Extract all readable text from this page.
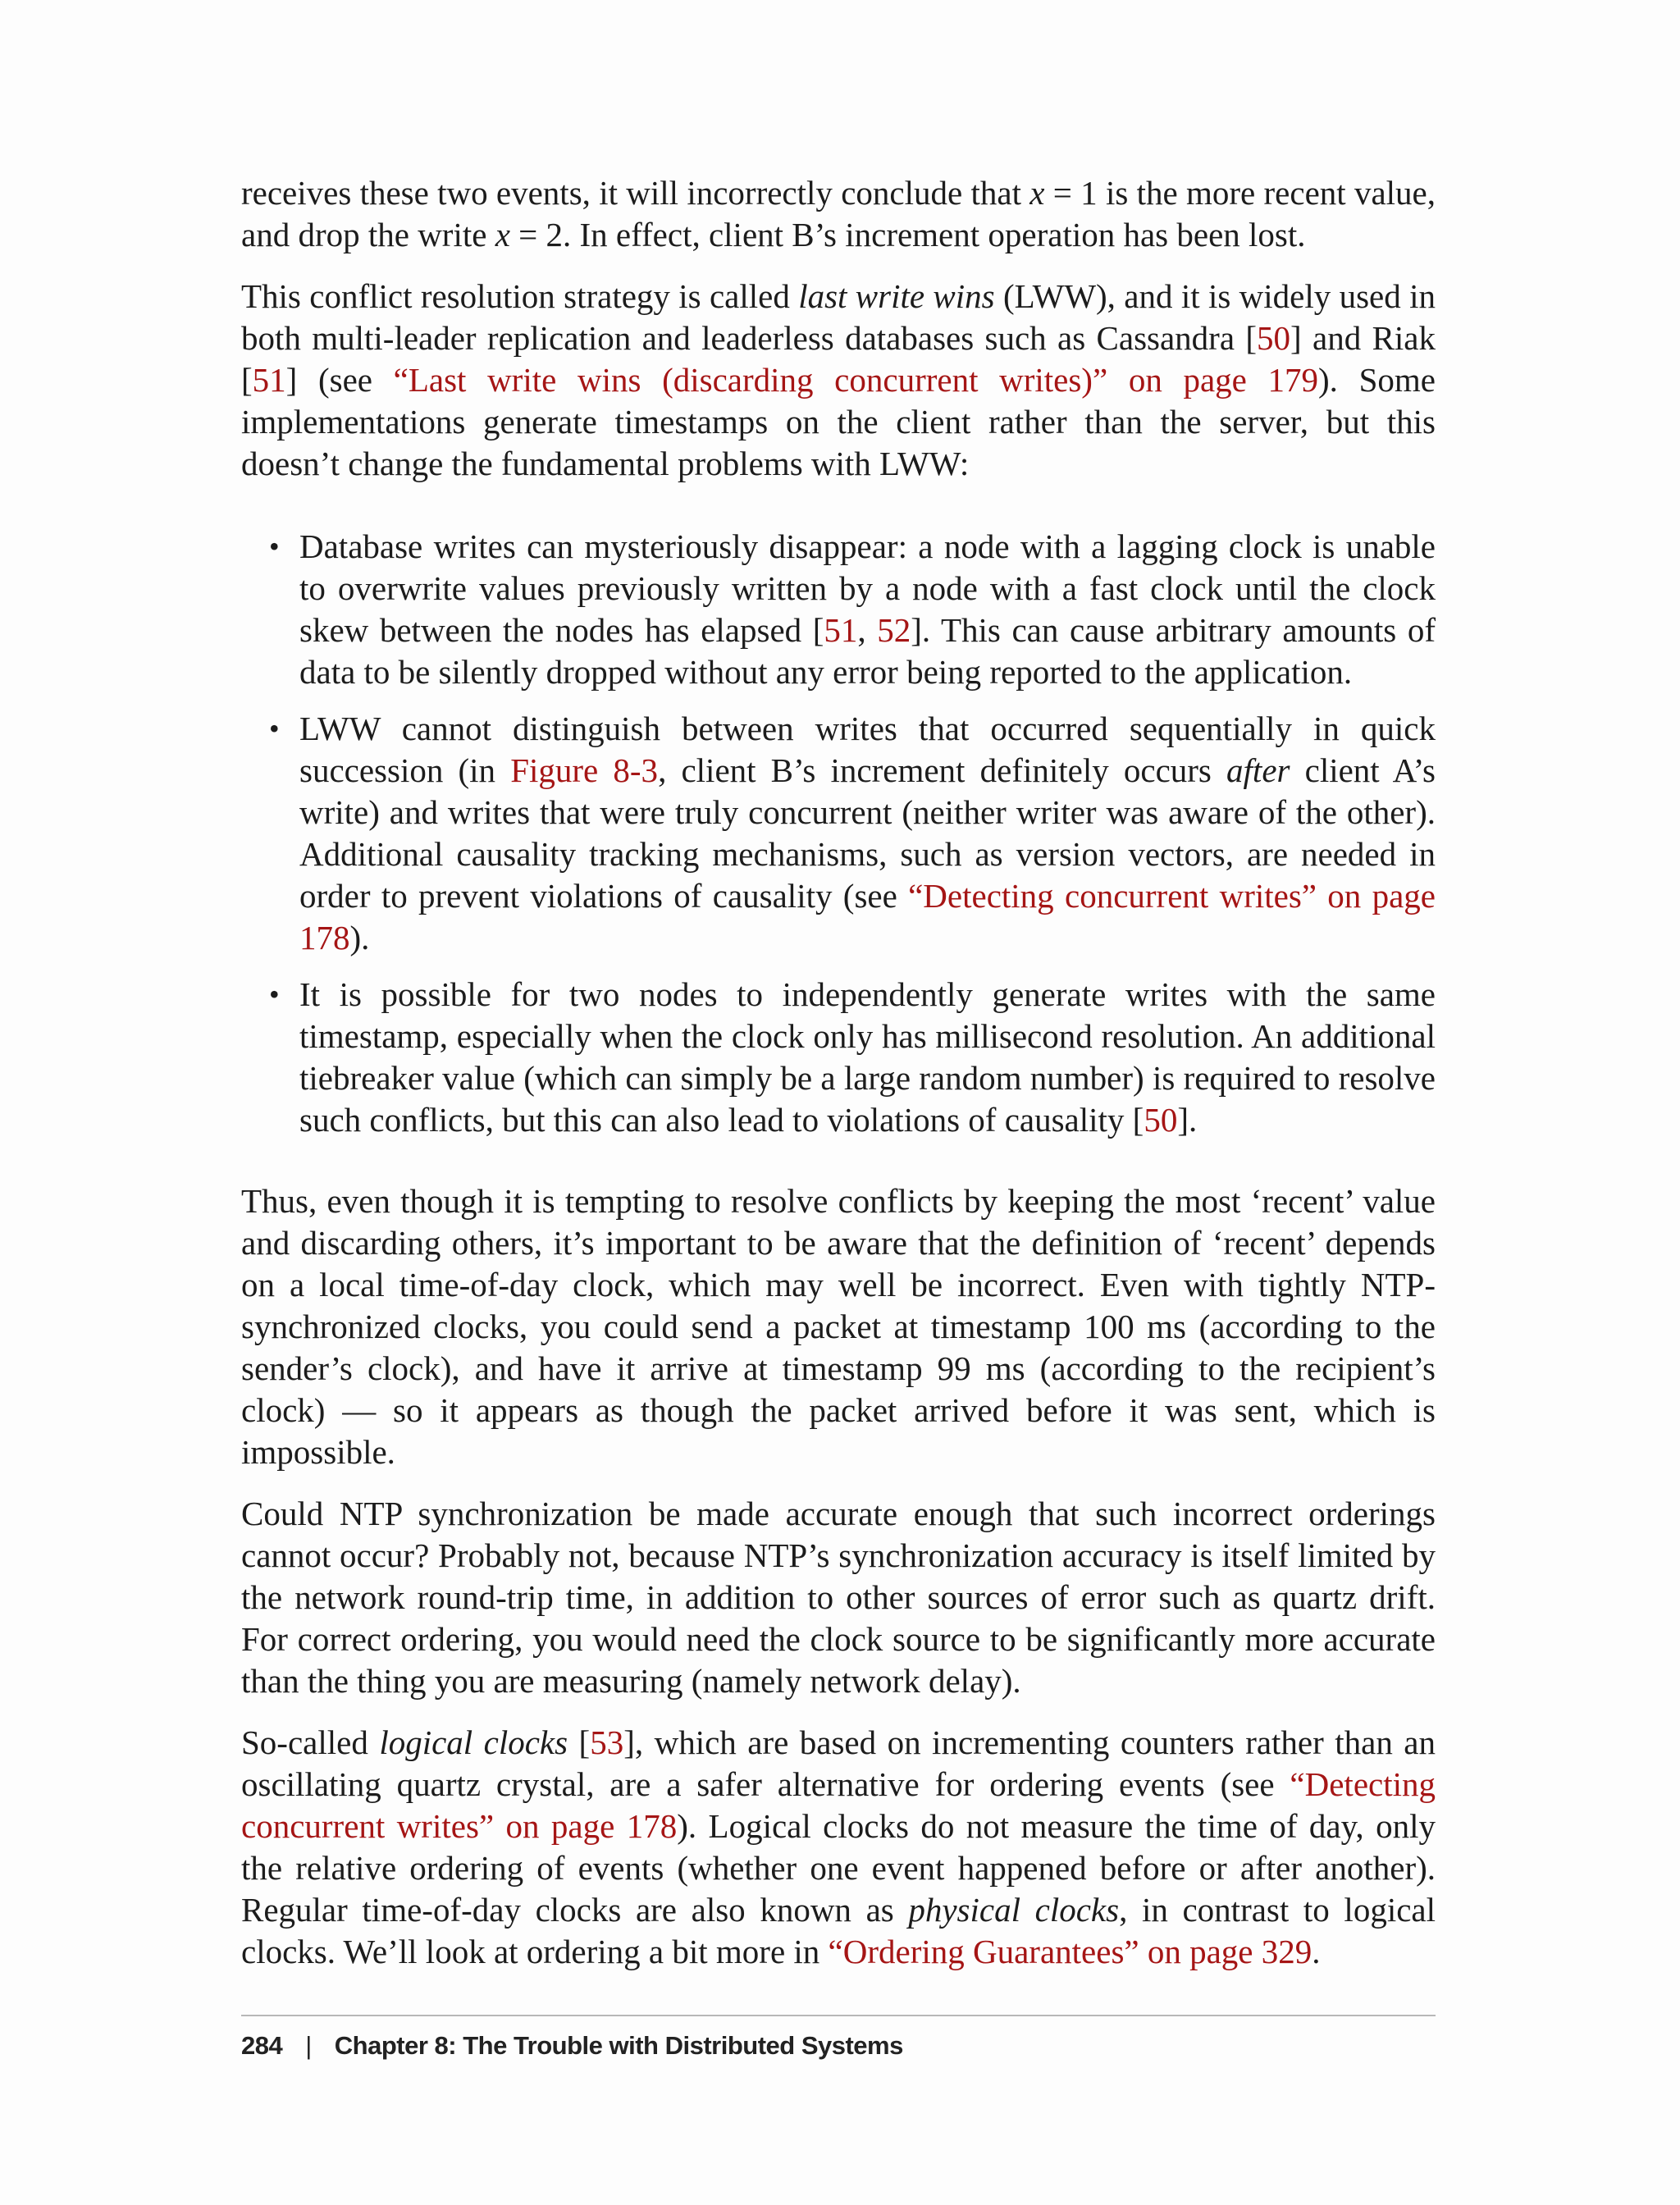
receives these two events, it will incorrectly conclude that x = 1 is the more recent value, and drop the write x = 2. In effect, client B’s increment operation has been lost.

This conflict resolution strategy is called last write wins (LWW), and it is widely used in both multi-leader replication and leaderless databases such as Cassandra [50] and Riak [51] (see “Last write wins (discarding concurrent writes)” on page 179). Some implementations generate timestamps on the client rather than the server, but this doesn’t change the fundamental problems with LWW:

• Database writes can mysteriously disappear: a node with a lagging clock is unable to overwrite values previously written by a node with a fast clock until the clock skew between the nodes has elapsed [51, 52]. This can cause arbitrary amounts of data to be silently dropped without any error being reported to the application.
• LWW cannot distinguish between writes that occurred sequentially in quick succession (in Figure 8-3, client B’s increment definitely occurs after client A’s write) and writes that were truly concurrent (neither writer was aware of the other). Additional causality tracking mechanisms, such as version vectors, are needed in order to prevent violations of causality (see “Detecting concurrent writes” on page 178).
• It is possible for two nodes to independently generate writes with the same timestamp, especially when the clock only has millisecond resolution. An additional tiebreaker value (which can simply be a large random number) is required to resolve such conflicts, but this can also lead to violations of causality [50].

Thus, even though it is tempting to resolve conflicts by keeping the most ‘recent’ value and discarding others, it’s important to be aware that the definition of ‘recent’ depends on a local time-of-day clock, which may well be incorrect. Even with tightly NTP-synchronized clocks, you could send a packet at timestamp 100 ms (according to the sender’s clock), and have it arrive at timestamp 99 ms (according to the recipient’s clock) — so it appears as though the packet arrived before it was sent, which is impossible.

Could NTP synchronization be made accurate enough that such incorrect orderings cannot occur? Probably not, because NTP’s synchronization accuracy is itself limited by the network round-trip time, in addition to other sources of error such as quartz drift. For correct ordering, you would need the clock source to be significantly more accurate than the thing you are measuring (namely network delay).

So-called logical clocks [53], which are based on incrementing counters rather than an oscillating quartz crystal, are a safer alternative for ordering events (see “Detecting concurrent writes” on page 178). Logical clocks do not measure the time of day, only the relative ordering of events (whether one event happened before or after another). Regular time-of-day clocks are also known as physical clocks, in contrast to logical clocks. We’ll look at ordering a bit more in “Ordering Guarantees” on page 329.

284 | Chapter 8: The Trouble with Distributed Systems
